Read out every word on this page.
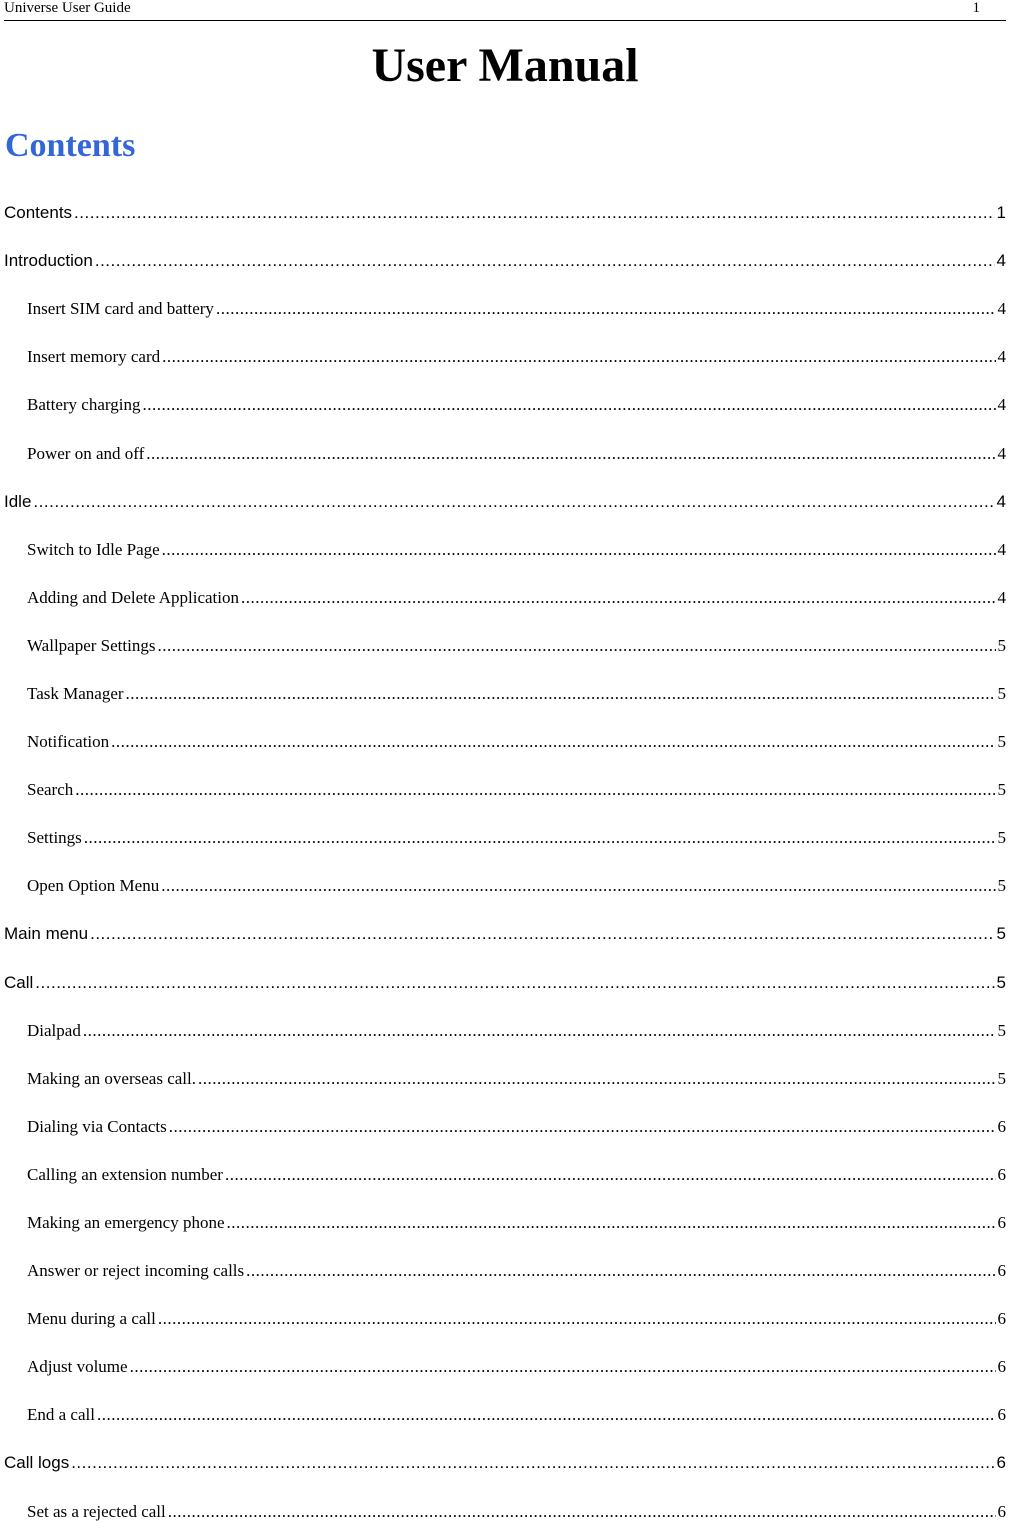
Universe User Guide	1
User Manual
Contents
Contents .....	1
Introduction .....	4
Insert SIM card and battery .....	4
Insert memory card .....	4
Battery charging .....	4
Power on and off .....	4
Idle .....	4
Switch to Idle Page .....	4
Adding and Delete Application .....	4
Wallpaper Settings .....	5
Task Manager .....	5
Notification .....	5
Search .....	5
Settings .....	5
Open Option Menu .....	5
Main menu .....	5
Call .....	5
Dialpad .....	5
Making an overseas call. .....	5
Dialing via Contacts .....	6
Calling an extension number .....	6
Making an emergency phone .....	6
Answer or reject incoming calls .....	6
Menu during a call .....	6
Adjust volume .....	6
End a call .....	6
Call logs .....	6
Set as a rejected call .....	6
